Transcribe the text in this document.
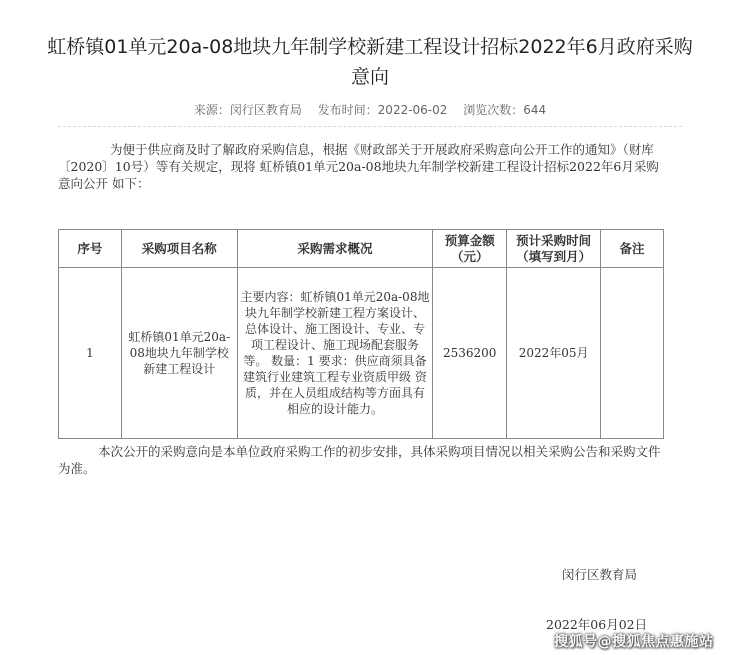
虹桥镇01单元20a-08地块九年制学校新建工程设计招标2022年6月政府采购意向
来源：闵行区教育局 发布时间：2022-06-02 浏览次数：644
为便于供应商及时了解政府采购信息，根据《财政部关于开展政府采购意向公开工作的通知》（财库〔2020〕10号）等有关规定，现将 虹桥镇01单元20a-08地块九年制学校新建工程设计招标2022年6月采购意向公开 如下：
序号	采购项目名称	采购需求概况	预算金额（元）	预计采购时间（填写到月）	备注
1	虹桥镇01单元20a-08地块九年制学校新建工程设计	主要内容：虹桥镇01单元20a-08地块九年制学校新建工程方案设计、总体设计、施工图设计、专业、专项工程设计、施工现场配套服务等。 数量：1 要求：供应商须具备建筑行业建筑工程专业资质甲级 资质，并在人员组成结构等方面具有相应的设计能力。	2536200	2022年05月	
本次公开的采购意向是本单位政府采购工作的初步安排，具体采购项目情况以相关采购公告和采购文件为准。
闵行区教育局
2022年06月02日
搜狐号@搜狐焦点惠施站
